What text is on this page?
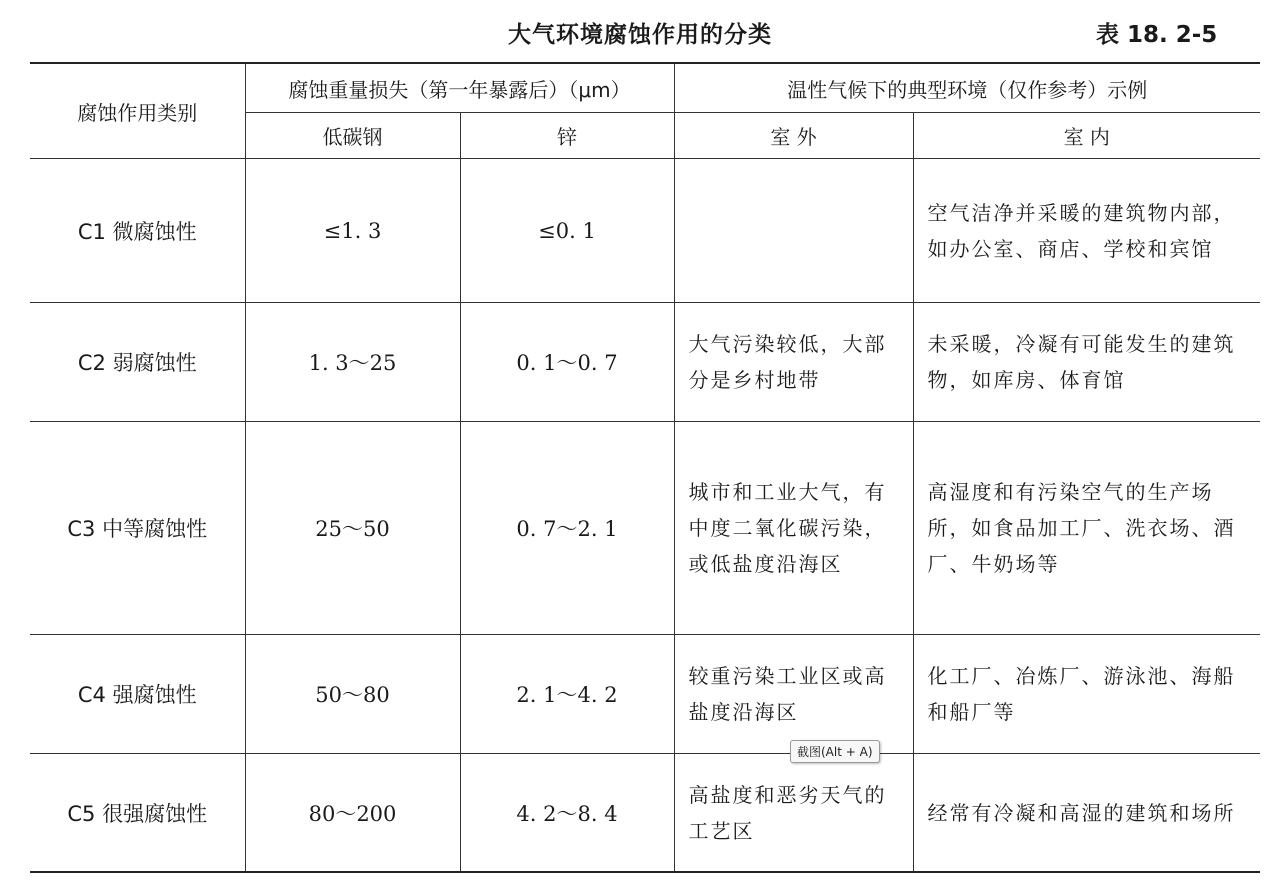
大气环境腐蚀作用的分类	表 18. 2-5
腐蚀作用类别	腐蚀重量损失（第一年暴露后）（μm）		温性气候下的典型环境（仅作参考）示例	
	低碳钢	锌	室 外	室 内
C1 微腐蚀性	≤1. 3	≤0. 1		空气洁净并采暖的建筑物内部，如办公室、商店、学校和宾馆
C2 弱腐蚀性	1. 3～25	0. 1～0. 7	大气污染较低，大部分是乡村地带	未采暖，冷凝有可能发生的建筑物，如库房、体育馆
C3 中等腐蚀性	25～50	0. 7～2. 1	城市和工业大气，有中度二氧化碳污染，或低盐度沿海区	高湿度和有污染空气的生产场所，如食品加工厂、洗衣场、酒厂、牛奶场等
C4 强腐蚀性	50～80	2. 1～4. 2	较重污染工业区或高盐度沿海区	化工厂、冶炼厂、游泳池、海船和船厂等
C5 很强腐蚀性	80～200	4. 2～8. 4	高盐度和恶劣天气的工艺区	经常有冷凝和高湿的建筑和场所
截图(Alt + A)
